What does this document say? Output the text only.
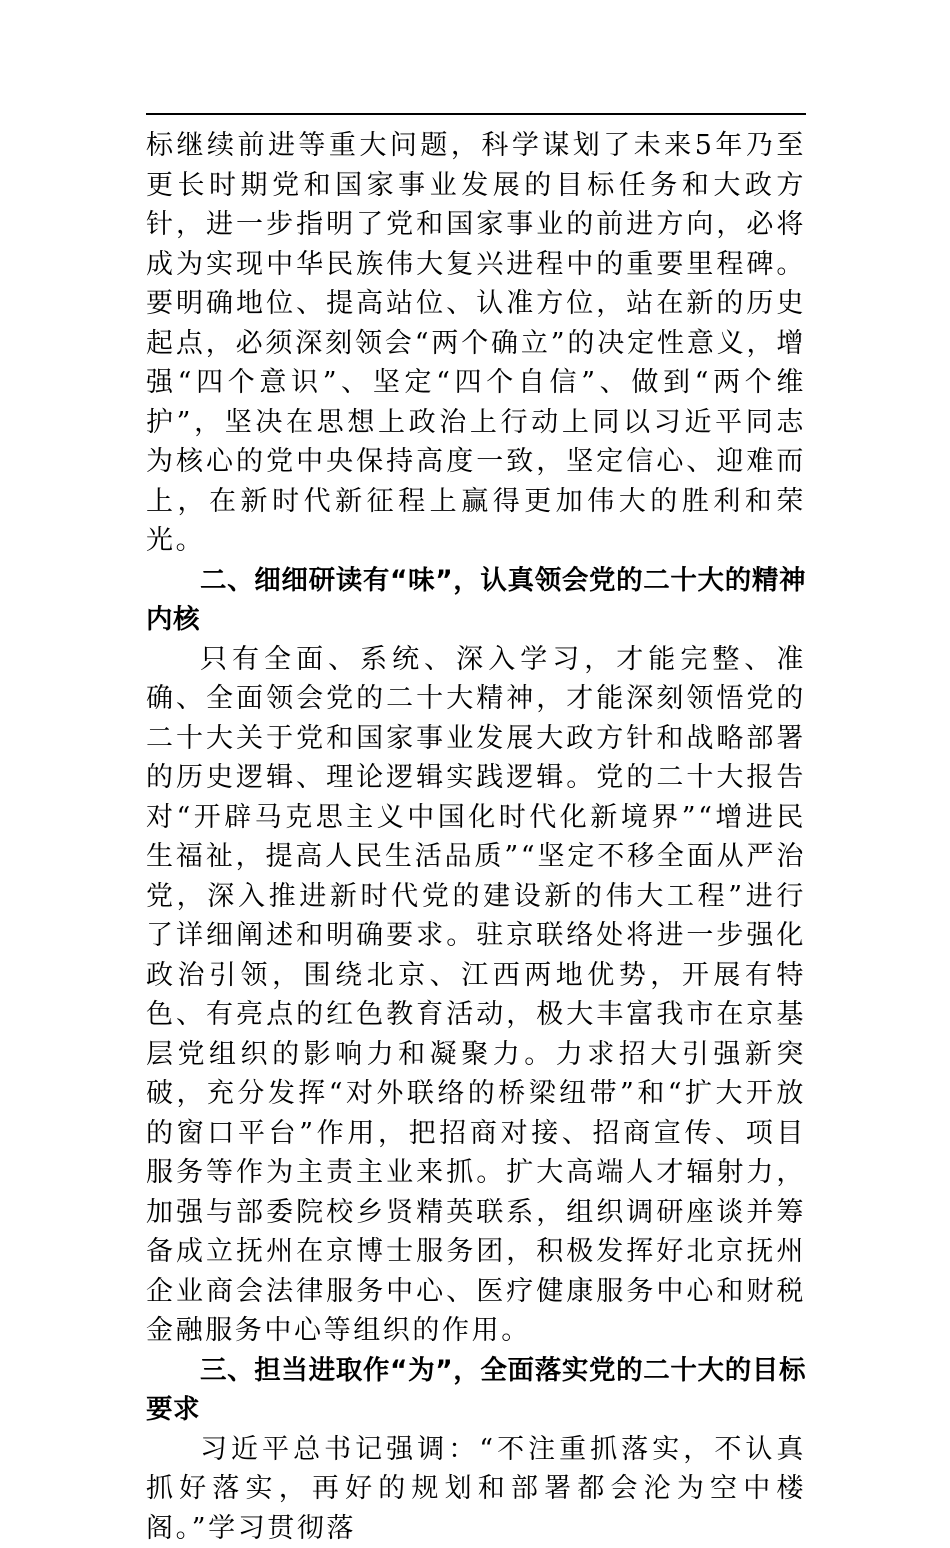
标继续前进等重大问题，科学谋划了未来5年乃至更长时期党和国家事业发展的目标任务和大政方针，进一步指明了党和国家事业的前进方向，必将成为实现中华民族伟大复兴进程中的重要里程碑。要明确地位、提高站位、认准方位，站在新的历史起点，必须深刻领会“两个确立”的决定性意义，增强“四个意识”、坚定“四个自信”、做到“两个维护”，坚决在思想上政治上行动上同以习近平同志为核心的党中央保持高度一致，坚定信心、迎难而上，在新时代新征程上赢得更加伟大的胜利和荣光。

二、细细研读有“味”，认真领会党的二十大的精神内核

只有全面、系统、深入学习，才能完整、准确、全面领会党的二十大精神，才能深刻领悟党的二十大关于党和国家事业发展大政方针和战略部署的历史逻辑、理论逻辑实践逻辑。党的二十大报告对“开辟马克思主义中国化时代化新境界”“增进民生福祉，提高人民生活品质”“坚定不移全面从严治党，深入推进新时代党的建设新的伟大工程”进行了详细阐述和明确要求。驻京联络处将进一步强化政治引领，围绕北京、江西两地优势，开展有特色、有亮点的红色教育活动，极大丰富我市在京基层党组织的影响力和凝聚力。力求招大引强新突破，充分发挥“对外联络的桥梁纽带”和“扩大开放的窗口平台”作用，把招商对接、招商宣传、项目服务等作为主责主业来抓。扩大高端人才辐射力，加强与部委院校乡贤精英联系，组织调研座谈并筹备成立抚州在京博士服务团，积极发挥好北京抚州企业商会法律服务中心、医疗健康服务中心和财税金融服务中心等组织的作用。

三、担当进取作“为”，全面落实党的二十大的目标要求

习近平总书记强调：“不注重抓落实，不认真抓好落实，再好的规划和部署都会沦为空中楼阁。”学习贯彻落
